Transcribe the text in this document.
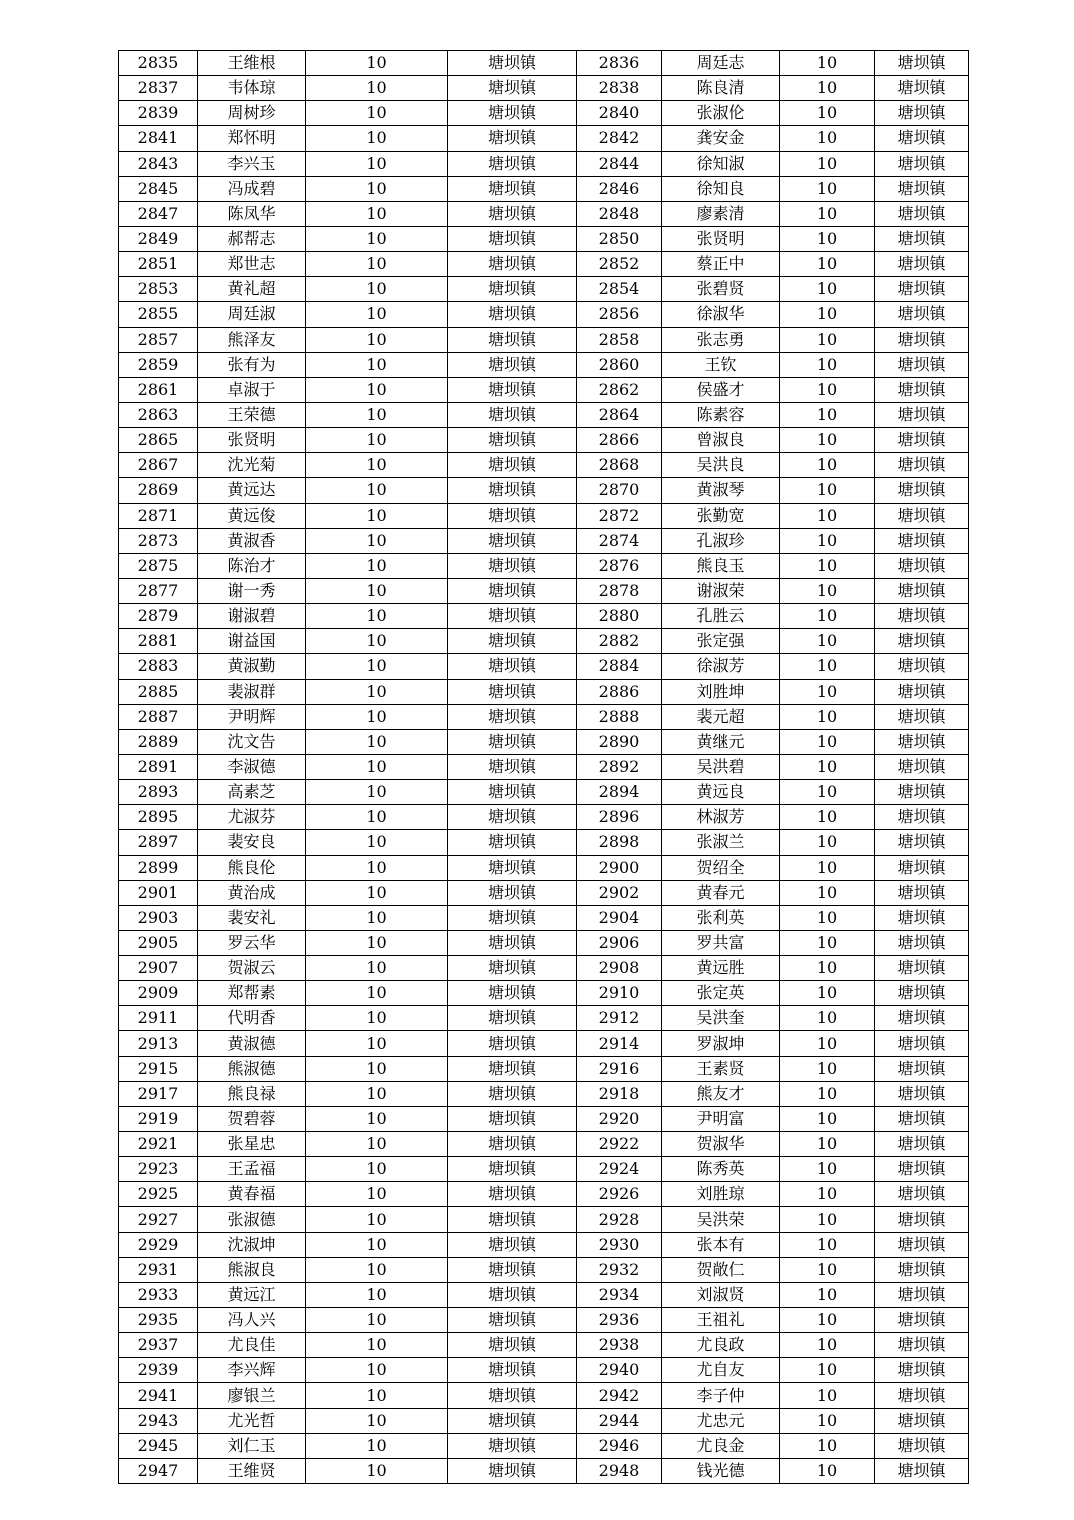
2835	王维根	10	塘坝镇	2836	周廷志	10	塘坝镇
2837	韦体琼	10	塘坝镇	2838	陈良清	10	塘坝镇
2839	周树珍	10	塘坝镇	2840	张淑伦	10	塘坝镇
2841	郑怀明	10	塘坝镇	2842	龚安金	10	塘坝镇
2843	李兴玉	10	塘坝镇	2844	徐知淑	10	塘坝镇
2845	冯成碧	10	塘坝镇	2846	徐知良	10	塘坝镇
2847	陈凤华	10	塘坝镇	2848	廖素清	10	塘坝镇
2849	郝帮志	10	塘坝镇	2850	张贤明	10	塘坝镇
2851	郑世志	10	塘坝镇	2852	蔡正中	10	塘坝镇
2853	黄礼超	10	塘坝镇	2854	张碧贤	10	塘坝镇
2855	周廷淑	10	塘坝镇	2856	徐淑华	10	塘坝镇
2857	熊泽友	10	塘坝镇	2858	张志勇	10	塘坝镇
2859	张有为	10	塘坝镇	2860	王钦	10	塘坝镇
2861	卓淑于	10	塘坝镇	2862	侯盛才	10	塘坝镇
2863	王荣德	10	塘坝镇	2864	陈素容	10	塘坝镇
2865	张贤明	10	塘坝镇	2866	曾淑良	10	塘坝镇
2867	沈光菊	10	塘坝镇	2868	吴洪良	10	塘坝镇
2869	黄远达	10	塘坝镇	2870	黄淑琴	10	塘坝镇
2871	黄远俊	10	塘坝镇	2872	张勤宽	10	塘坝镇
2873	黄淑香	10	塘坝镇	2874	孔淑珍	10	塘坝镇
2875	陈治才	10	塘坝镇	2876	熊良玉	10	塘坝镇
2877	谢一秀	10	塘坝镇	2878	谢淑荣	10	塘坝镇
2879	谢淑碧	10	塘坝镇	2880	孔胜云	10	塘坝镇
2881	谢益国	10	塘坝镇	2882	张定强	10	塘坝镇
2883	黄淑勤	10	塘坝镇	2884	徐淑芳	10	塘坝镇
2885	裴淑群	10	塘坝镇	2886	刘胜坤	10	塘坝镇
2887	尹明辉	10	塘坝镇	2888	裴元超	10	塘坝镇
2889	沈文告	10	塘坝镇	2890	黄继元	10	塘坝镇
2891	李淑德	10	塘坝镇	2892	吴洪碧	10	塘坝镇
2893	高素芝	10	塘坝镇	2894	黄远良	10	塘坝镇
2895	尤淑芬	10	塘坝镇	2896	林淑芳	10	塘坝镇
2897	裴安良	10	塘坝镇	2898	张淑兰	10	塘坝镇
2899	熊良伦	10	塘坝镇	2900	贺绍全	10	塘坝镇
2901	黄治成	10	塘坝镇	2902	黄春元	10	塘坝镇
2903	裴安礼	10	塘坝镇	2904	张利英	10	塘坝镇
2905	罗云华	10	塘坝镇	2906	罗共富	10	塘坝镇
2907	贺淑云	10	塘坝镇	2908	黄远胜	10	塘坝镇
2909	郑帮素	10	塘坝镇	2910	张定英	10	塘坝镇
2911	代明香	10	塘坝镇	2912	吴洪奎	10	塘坝镇
2913	黄淑德	10	塘坝镇	2914	罗淑坤	10	塘坝镇
2915	熊淑德	10	塘坝镇	2916	王素贤	10	塘坝镇
2917	熊良禄	10	塘坝镇	2918	熊友才	10	塘坝镇
2919	贺碧蓉	10	塘坝镇	2920	尹明富	10	塘坝镇
2921	张星忠	10	塘坝镇	2922	贺淑华	10	塘坝镇
2923	王孟福	10	塘坝镇	2924	陈秀英	10	塘坝镇
2925	黄春福	10	塘坝镇	2926	刘胜琼	10	塘坝镇
2927	张淑德	10	塘坝镇	2928	吴洪荣	10	塘坝镇
2929	沈淑坤	10	塘坝镇	2930	张本有	10	塘坝镇
2931	熊淑良	10	塘坝镇	2932	贺敞仁	10	塘坝镇
2933	黄远江	10	塘坝镇	2934	刘淑贤	10	塘坝镇
2935	冯人兴	10	塘坝镇	2936	王祖礼	10	塘坝镇
2937	尤良佳	10	塘坝镇	2938	尤良政	10	塘坝镇
2939	李兴辉	10	塘坝镇	2940	尤自友	10	塘坝镇
2941	廖银兰	10	塘坝镇	2942	李子仲	10	塘坝镇
2943	尤光哲	10	塘坝镇	2944	尤忠元	10	塘坝镇
2945	刘仁玉	10	塘坝镇	2946	尤良金	10	塘坝镇
2947	王维贤	10	塘坝镇	2948	钱光德	10	塘坝镇
